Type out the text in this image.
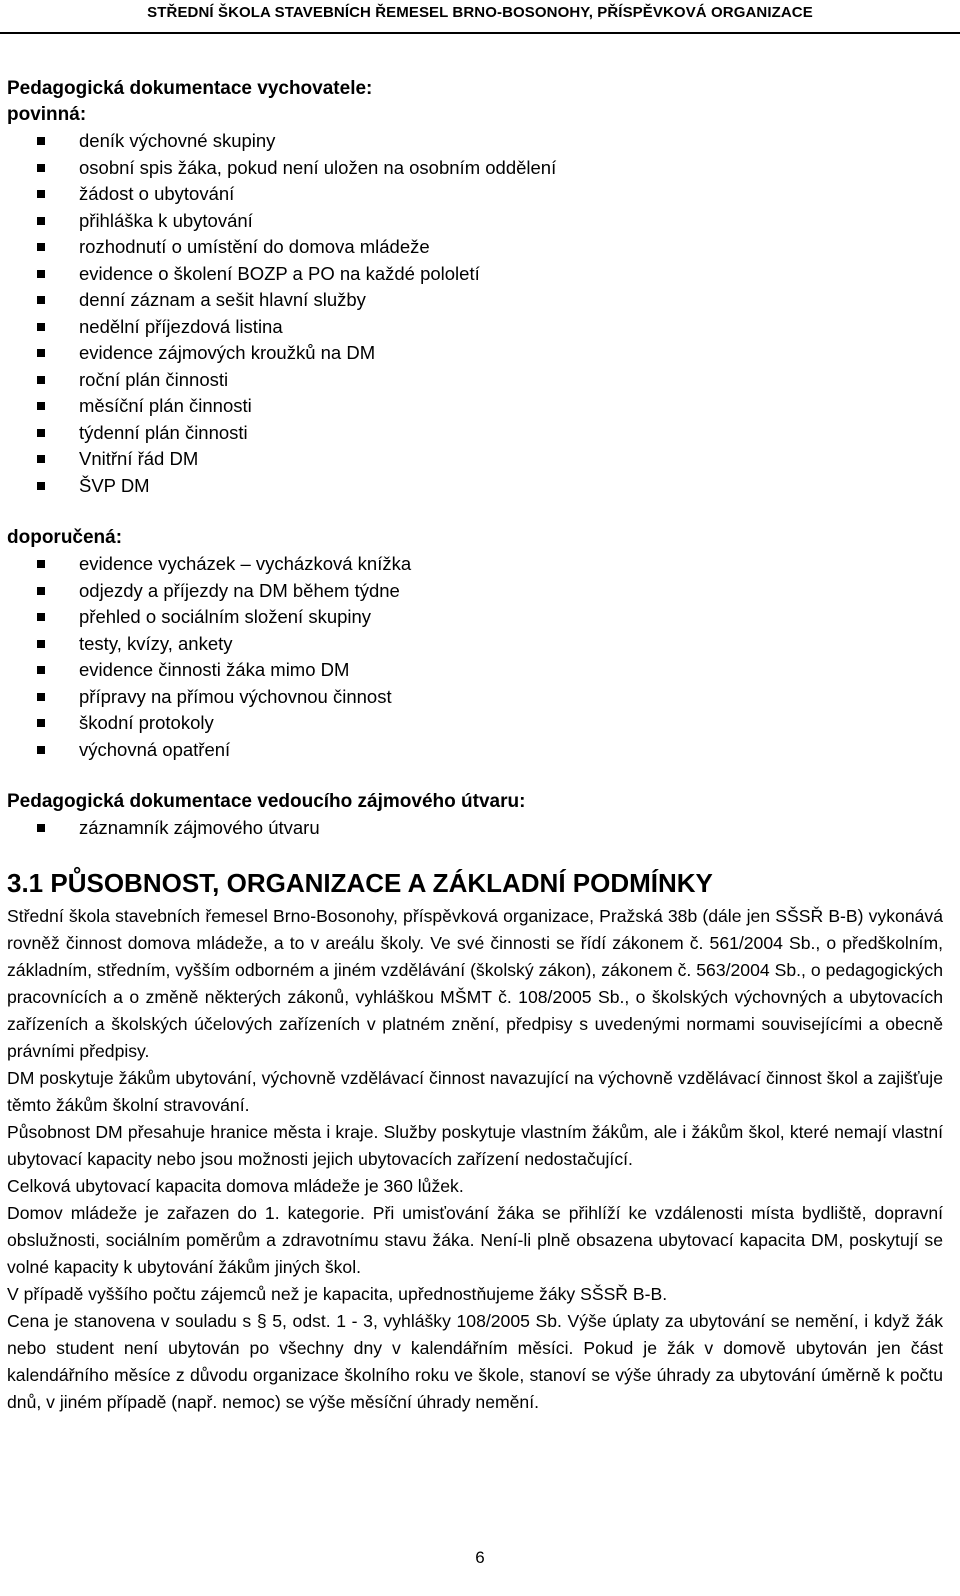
STŘEDNÍ ŠKOLA STAVEBNÍCH ŘEMESEL BRNO-BOSONOHY, PŘÍSPĚVKOVÁ ORGANIZACE
Pedagogická dokumentace vychovatele:
povinná:
deník výchovné skupiny
osobní spis žáka, pokud není uložen na osobním oddělení
žádost o ubytování
přihláška k ubytování
rozhodnutí o umístění do domova mládeže
evidence o školení BOZP a PO na každé pololetí
denní záznam a sešit hlavní služby
nedělní příjezdová listina
evidence zájmových kroužků na DM
roční plán činnosti
měsíční plán činnosti
týdenní plán činnosti
Vnitřní řád DM
ŠVP DM
doporučená:
evidence vycházek – vycházková knížka
odjezdy a příjezdy na DM během týdne
přehled o sociálním složení skupiny
testy, kvízy, ankety
evidence činnosti žáka mimo DM
přípravy na přímou výchovnou činnost
škodní protokoly
výchovná opatření
Pedagogická dokumentace vedoucího zájmového útvaru:
záznamník zájmového útvaru
3.1 PŮSOBNOST, ORGANIZACE A ZÁKLADNÍ PODMÍNKY

Střední škola stavebních řemesel Brno-Bosonohy, příspěvková organizace, Pražská 38b (dále jen SŠSŘ B-B) vykonává rovněž činnost domova mládeže, a to v areálu školy. Ve své činnosti se řídí zákonem č. 561/2004 Sb., o předškolním, základním, středním, vyšším odborném a jiném vzdělávání (školský zákon), zákonem č. 563/2004 Sb., o pedagogických pracovnících a o změně některých zákonů, vyhláškou MŠMT č. 108/2005 Sb., o školských výchovných a ubytovacích zařízeních a školských účelových zařízeních v platném znění, předpisy s uvedenými normami souvisejícími a obecně právními předpisy.

DM poskytuje žákům ubytování, výchovně vzdělávací činnost navazující na výchovně vzdělávací činnost škol a zajišťuje těmto žákům školní stravování.

Působnost DM přesahuje hranice města i kraje. Služby poskytuje vlastním žákům, ale i žákům škol, které nemají vlastní ubytovací kapacity nebo jsou možnosti jejich ubytovacích zařízení nedostačující.

Celková ubytovací kapacita domova mládeže je 360 lůžek.

Domov mládeže je zařazen do 1. kategorie. Při umisťování žáka se přihlíží ke vzdálenosti místa bydliště, dopravní obslužnosti, sociálním poměrům a zdravotnímu stavu žáka. Není-li plně obsazena ubytovací kapacita DM, poskytují se volné kapacity k ubytování žákům jiných škol.

V případě vyššího počtu zájemců než je kapacita, upřednostňujeme žáky SŠSŘ B-B.

Cena je stanovena v souladu s § 5, odst. 1 - 3, vyhlášky 108/2005 Sb. Výše úplaty za ubytování se nemění, i když žák nebo student není ubytován po všechny dny v kalendářním měsíci. Pokud je žák v domově ubytován jen část kalendářního měsíce z důvodu organizace školního roku ve škole, stanoví se výše úhrady za ubytování úměrně k počtu dnů, v jiném případě (např. nemoc) se výše měsíční úhrady nemění.

6
